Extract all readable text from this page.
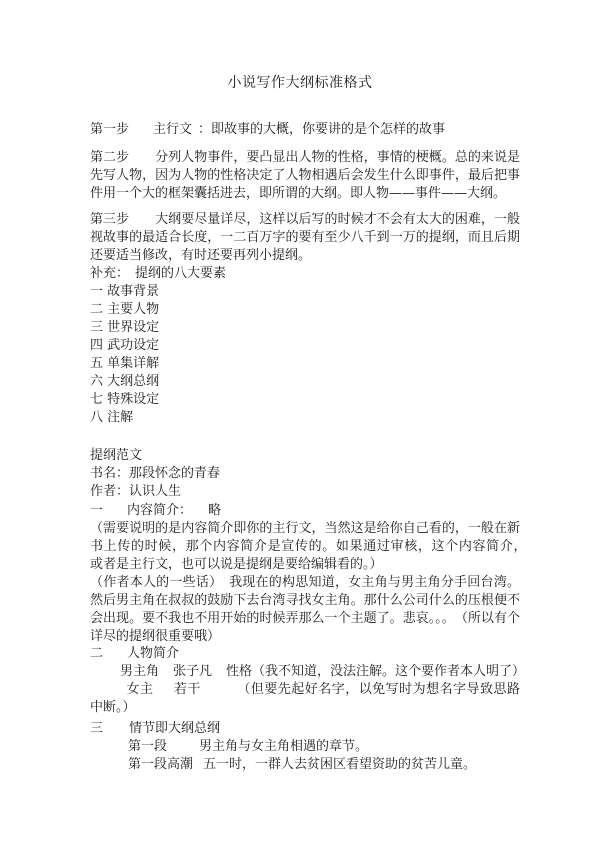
小说写作大纲标准格式

第一步 主行文 ：即故事的大概，你要讲的是个怎样的故事

第二步 分列人物事件，要凸显出人物的性格，事情的梗概。总的来说是先写人物，因为人物的性格决定了人物相遇后会发生什么即事件，最后把事件用一个大的框架囊括进去，即所谓的大纲。即人物——事件——大纲。

第三步 大纲要尽量详尽，这样以后写的时候才不会有太大的困难，一般视故事的最适合长度，一二百万字的要有至少八千到一万的提纲，而且后期还要适当修改，有时还要再列小提纲。

补充： 提纲的八大要素
一 故事背景
二 主要人物
三 世界设定
四 武功设定
五 单集详解
六 大纲总纲
七 特殊设定
八 注解
提纲范文
书名：那段怀念的青春
作者：认识人生
一 内容简介： 略

（需要说明的是内容简介即你的主行文，当然这是给你自己看的，一般在新书上传的时候，那个内容简介是宣传的。如果通过审核，这个内容简介，　或者是主行文，也可以说是提纲是要给编辑看的。）

（作者本人的一些话）　我现在的构思知道，女主角与男主角分手回台湾。然后男主角在叔叔的鼓励下去台湾寻找女主角。那什么公司什么的压根便不会出现。要不我也不用开始的时候弄那么一个主题了。悲哀。。。　（所以有个详尽的提纲很重要哦）

二 人物简介
男主角 张子凡 性格（我不知道，没法注解。这个要作者本人明了）

女主 若干	（但要先起好名字，以免写时为想名字导致思路中断。）

三 情节即大纲总纲
第一段 男主角与女主角相遇的章节。
第一段高潮 五一时，一群人去贫困区看望资助的贫苦儿童。
